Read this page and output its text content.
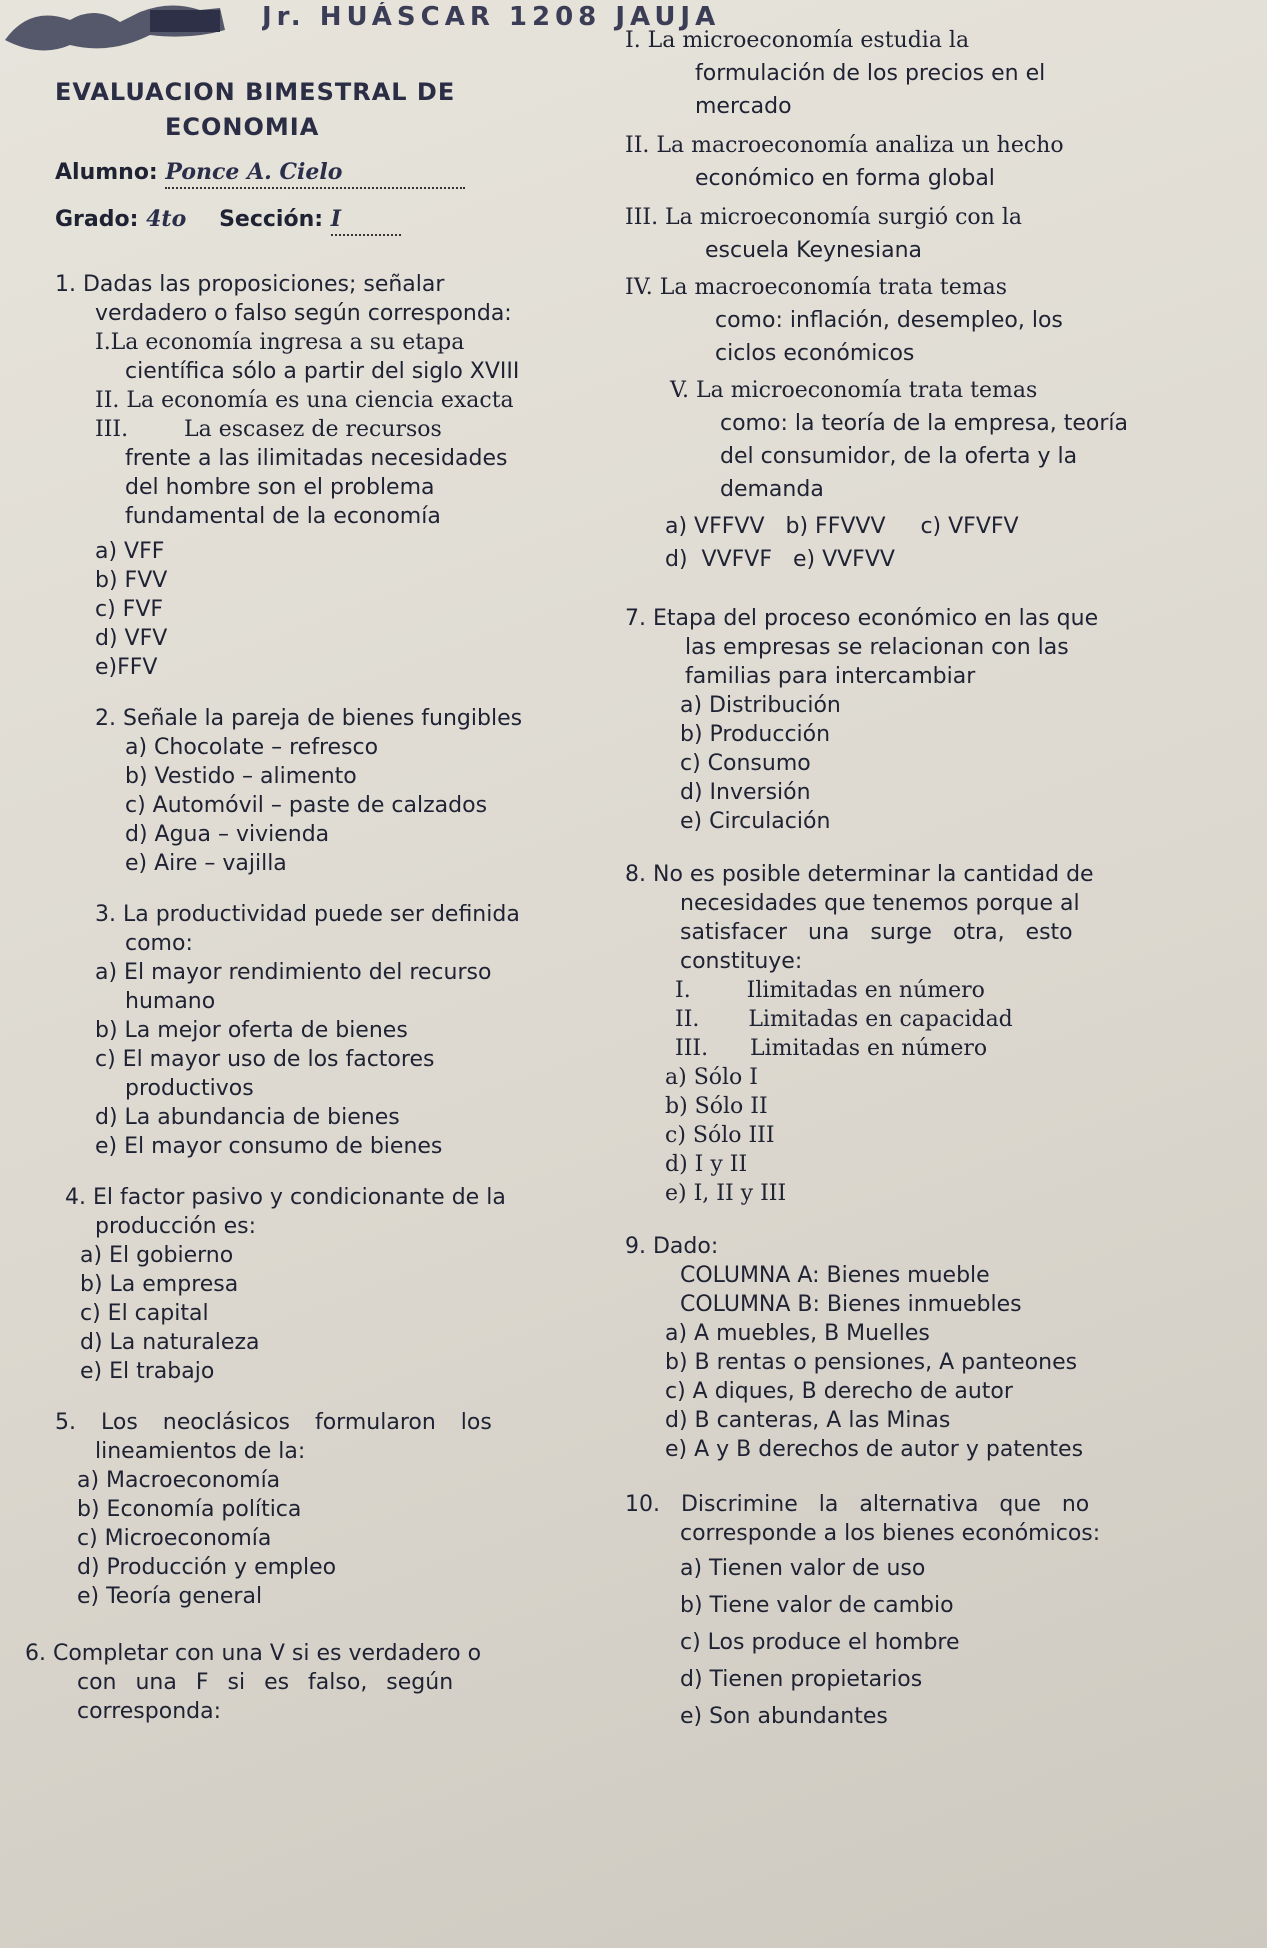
Jr. HUÁSCAR 1208 JAUJA
EVALUACION BIMESTRAL DE
ECONOMIA
Alumno: Ponce A. Cielo
Grado: 4to Sección: I
1. Dadas las proposiciones; señalar
verdadero o falso según corresponda:
I.La economía ingresa a su etapa
científica sólo a partir del siglo XVIII
II. La economía es una ciencia exacta
III.        La escasez de recursos
frente a las ilimitadas necesidades
del hombre son el problema
fundamental de la economía
a) VFF
b) FVV
c) FVF
d) VFV
e)FFV
2. Señale la pareja de bienes fungibles
a) Chocolate – refresco
b) Vestido – alimento
c) Automóvil – paste de calzados
d) Agua – vivienda
e) Aire – vajilla
3. La productividad puede ser definida
como:
a) El mayor rendimiento del recurso
humano
b) La mejor oferta de bienes
c) El mayor uso de los factores
productivos
d) La abundancia de bienes
e) El mayor consumo de bienes
4. El factor pasivo y condicionante de la
producción es:
a) El gobierno
b) La empresa
c) El capital
d) La naturaleza
e) El trabajo
5. Los neoclásicos formularon los
lineamientos de la:
a) Macroeconomía
b) Economía política
c) Microeconomía
d) Producción y empleo
e) Teoría general
6. Completar con una V si es verdadero o
con una F si es falso, según
corresponda:
I. La microeconomía estudia la
formulación de los precios en el
mercado
II. La macroeconomía analiza un hecho
económico en forma global
III. La microeconomía surgió con la
escuela Keynesiana
IV. La macroeconomía trata temas
como: inflación, desempleo, los
ciclos económicos
V. La microeconomía trata temas
como: la teoría de la empresa, teoría
del consumidor, de la oferta y la
demanda
a) VFFVV   b) FFVVV     c) VFVFV
d)  VVFVF   e) VVFVV
7. Etapa del proceso económico en las que
las empresas se relacionan con las
familias para intercambiar
a) Distribución
b) Producción
c) Consumo
d) Inversión
e) Circulación
8. No es posible determinar la cantidad de
necesidades que tenemos porque al
satisfacer una surge otra, esto
constituye:
I.        Ilimitadas en número
II.       Limitadas en capacidad
III.      Limitadas en número
a) Sólo I
b) Sólo II
c) Sólo III
d) I y II
e) I, II y III
9. Dado:
COLUMNA A: Bienes mueble
COLUMNA B: Bienes inmuebles
a) A muebles, B Muelles
b) B rentas o pensiones, A panteones
c) A diques, B derecho de autor
d) B canteras, A las Minas
e) A y B derechos de autor y patentes
10. Discrimine la alternativa que no
corresponde a los bienes económicos:
a) Tienen valor de uso
b) Tiene valor de cambio
c) Los produce el hombre
d) Tienen propietarios
e) Son abundantes
